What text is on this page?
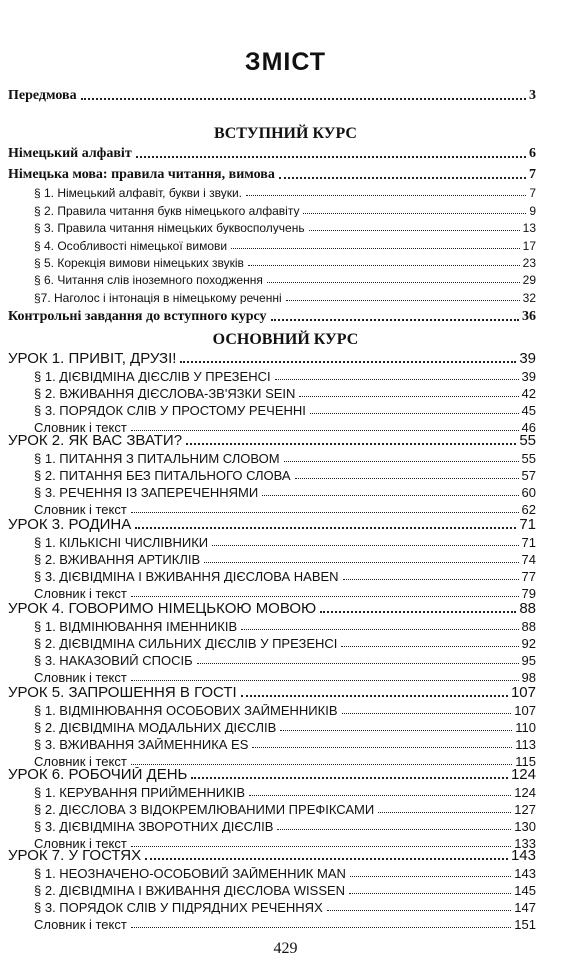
ЗМІСТ
Передмова	3
ВСТУПНИЙ КУРС
Німецький алфавіт	6
Німецька мова: правила читання, вимова	7
§ 1. Німецький алфавіт, букви і звуки.	7
§ 2. Правила читання букв німецького алфавіту	9
§ 3. Правила читання німецьких буквосполучень	13
§ 4. Особливості німецької вимови	17
§ 5. Корекція вимови німецьких звуків	23
§ 6. Читання слів іноземного походження	29
§7. Наголос і інтонація в німецькому реченні	32
Контрольні завдання до вступного курсу	36
ОСНОВНИЙ КУРС
УРОК 1. ПРИВІТ, ДРУЗІ!	39
§ 1. ДІЄВІДМІНА ДІЄСЛІВ У ПРЕЗЕНСІ	39
§ 2. ВЖИВАННЯ ДІЄСЛОВА-ЗВ'ЯЗКИ SEIN	42
§ 3. ПОРЯДОК СЛІВ У ПРОСТОМУ РЕЧЕННІ	45
Словник і текст	46
УРОК 2. ЯК ВАС ЗВАТИ?	55
§ 1. ПИТАННЯ З ПИТАЛЬНИМ СЛОВОМ	55
§ 2. ПИТАННЯ БЕЗ ПИТАЛЬНОГО СЛОВА	57
§ 3. РЕЧЕННЯ ІЗ ЗАПЕРЕЧЕННЯМИ	60
Словник і текст	62
УРОК 3. РОДИНА	71
§ 1. КІЛЬКІСНІ ЧИСЛІВНИКИ	71
§ 2. ВЖИВАННЯ АРТИКЛІВ	74
§ 3. ДІЄВІДМІНА І ВЖИВАННЯ ДІЄСЛОВА HABEN	77
Словник і текст	79
УРОК 4. ГОВОРИМО НІМЕЦЬКОЮ МОВОЮ	88
§ 1. ВІДМІНЮВАННЯ ІМЕННИКІВ	88
§ 2. ДІЄВІДМІНА СИЛЬНИХ ДІЄСЛІВ У ПРЕЗЕНСІ	92
§ 3. НАКАЗОВИЙ СПОСІБ	95
Словник і текст	98
УРОК 5. ЗАПРОШЕННЯ В ГОСТІ	107
§ 1. ВІДМІНЮВАННЯ ОСОБОВИХ ЗАЙМЕННИКІВ	107
§ 2. ДІЄВІДМІНА МОДАЛЬНИХ ДІЄСЛІВ	110
§ 3. ВЖИВАННЯ ЗАЙМЕННИКА ES	113
Словник і текст	115
УРОК 6. РОБОЧИЙ ДЕНЬ	124
§ 1. КЕРУВАННЯ ПРИЙМЕННИКІВ	124
§ 2. ДІЄСЛОВА З ВІДОКРЕМЛЮВАНИМИ ПРЕФІКСАМИ	127
§ 3. ДІЄВІДМІНА ЗВОРОТНИХ ДІЄСЛІВ	130
Словник і текст	133
УРОК 7. У ГОСТЯХ	143
§ 1. НЕОЗНАЧЕНО-ОСОБОВИЙ ЗАЙМЕННИК MAN	143
§ 2. ДІЄВІДМІНА І ВЖИВАННЯ ДІЄСЛОВА WISSEN	145
§ 3. ПОРЯДОК СЛІВ У ПІДРЯДНИХ РЕЧЕННЯХ	147
Словник і текст	151
429
